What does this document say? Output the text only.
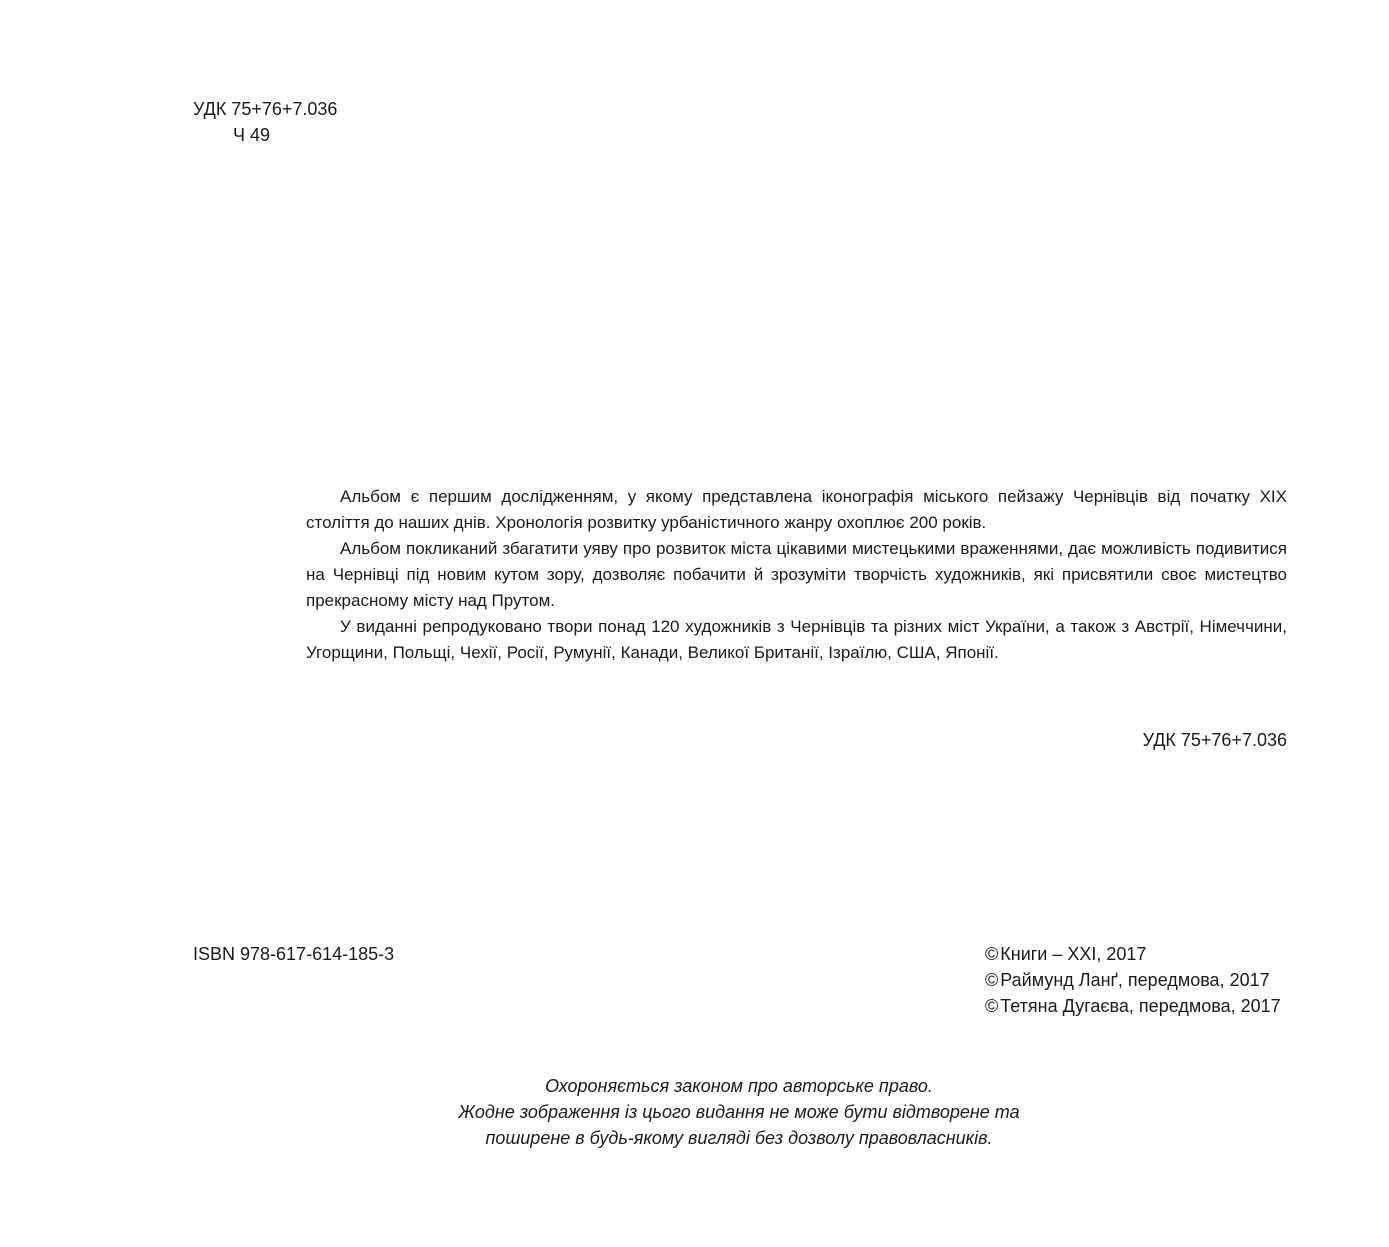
УДК 75+76+7.036
Ч 49

Альбом є першим дослідженням, у якому представлена іконографія міського пейзажу Чернівців від початку XIX століття до наших днів. Хронологія розвитку урбаністичного жанру охоплює 200 років.

Альбом покликаний збагатити уяву про розвиток міста цікавими мистецькими враженнями, дає можливість подивитися на Чернівці під новим кутом зору, дозволяє побачити й зрозуміти творчість художників, які присвятили своє мистецтво прекрасному місту над Прутом.

У виданні репродуковано твори понад 120 художників з Чернівців та різних міст України, а також з Австрії, Німеччини, Угорщини, Польщі, Чехії, Росії, Румунії, Канади, Великої Британії, Ізраїлю, США, Японії.

УДК 75+76+7.036
ISBN 978-617-614-185-3	© Книги – XXI, 2017
© Раймунд Ланґ, передмова, 2017
© Тетяна Дугаєва, передмова, 2017
Охороняється законом про авторське право.
Жодне зображення із цього видання не може бути відтворене та
поширене в будь-якому вигляді без дозволу правовласників.
